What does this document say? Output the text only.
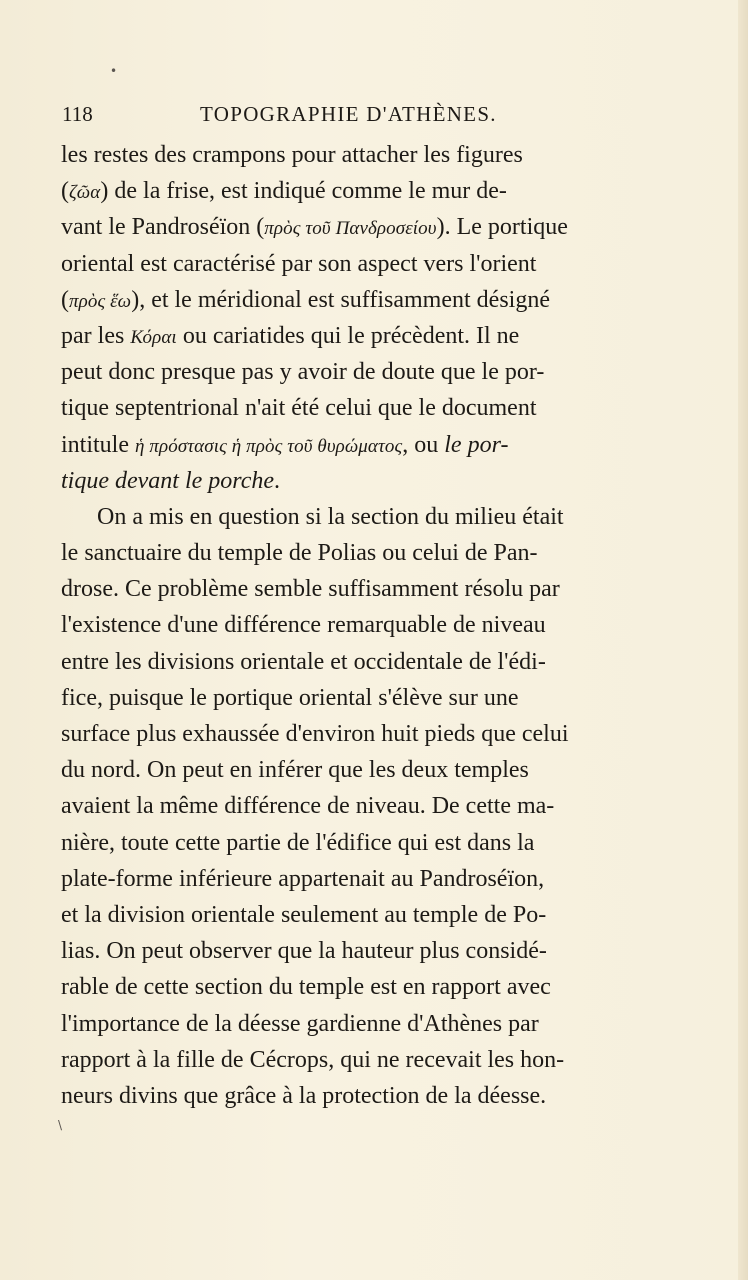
•
118	TOPOGRAPHIE D'ATHÈNES.
les restes des crampons pour attacher les figures
(ζῶα) de la frise, est indiqué comme le mur de-
vant le Pandroséïon (πρὸς τοῦ Πανδροσείου). Le portique
oriental est caractérisé par son aspect vers l'orient
(πρὸς ἕω), et le méridional est suffisamment désigné
par les Κόραι ou cariatides qui le précèdent. Il ne
peut donc presque pas y avoir de doute que le por-
tique septentrional n'ait été celui que le document
intitule ἡ πρόστασις ἡ πρὸς τοῦ θυρώματος, ou le por-
tique devant le porche.
On a mis en question si la section du milieu était
le sanctuaire du temple de Polias ou celui de Pan-
drose. Ce problème semble suffisamment résolu par
l'existence d'une différence remarquable de niveau
entre les divisions orientale et occidentale de l'édi-
fice, puisque le portique oriental s'élève sur une
surface plus exhaussée d'environ huit pieds que celui
du nord. On peut en inférer que les deux temples
avaient la même différence de niveau. De cette ma-
nière, toute cette partie de l'édifice qui est dans la
plate-forme inférieure appartenait au Pandroséïon,
et la division orientale seulement au temple de Po-
lias. On peut observer que la hauteur plus considé-
rable de cette section du temple est en rapport avec
l'importance de la déesse gardienne d'Athènes par
rapport à la fille de Cécrops, qui ne recevait les hon-
neurs divins que grâce à la protection de la déesse.
\
